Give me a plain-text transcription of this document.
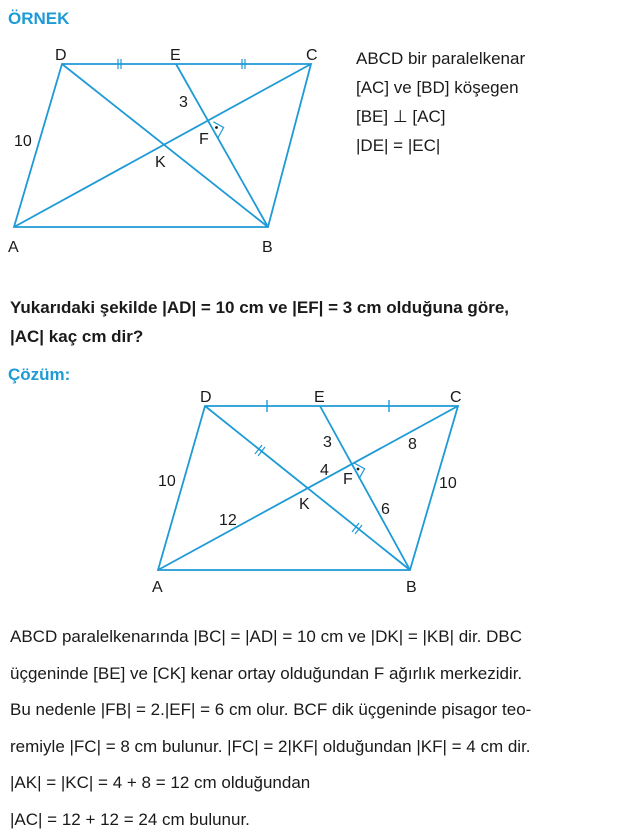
ÖRNEK
D	E	C
A	B
F
K
3
10
ABCD bir paralelkenar
[AC] ve [BD] köşegen
[BE] ⊥ [AC]
|DE| = |EC|
Yukarıdaki şekilde |AD| = 10 cm ve |EF| = 3 cm olduğuna göre,
|AC| kaç cm dir?
Çözüm:
D	E	C
A	B
F
K
3
4
8
6
12
10	10
ABCD paralelkenarında |BC| = |AD| = 10 cm ve |DK| = |KB| dir. DBC
üçgeninde [BE] ve [CK] kenar ortay olduğundan F ağırlık merkezidir.
Bu nedenle |FB| = 2.|EF| = 6 cm olur. BCF dik üçgeninde pisagor teo-
remiyle |FC| = 8 cm bulunur. |FC| = 2|KF| olduğundan |KF| = 4 cm dir.
|AK| = |KC| = 4 + 8 = 12 cm olduğundan
|AC| = 12 + 12 = 24 cm bulunur.
